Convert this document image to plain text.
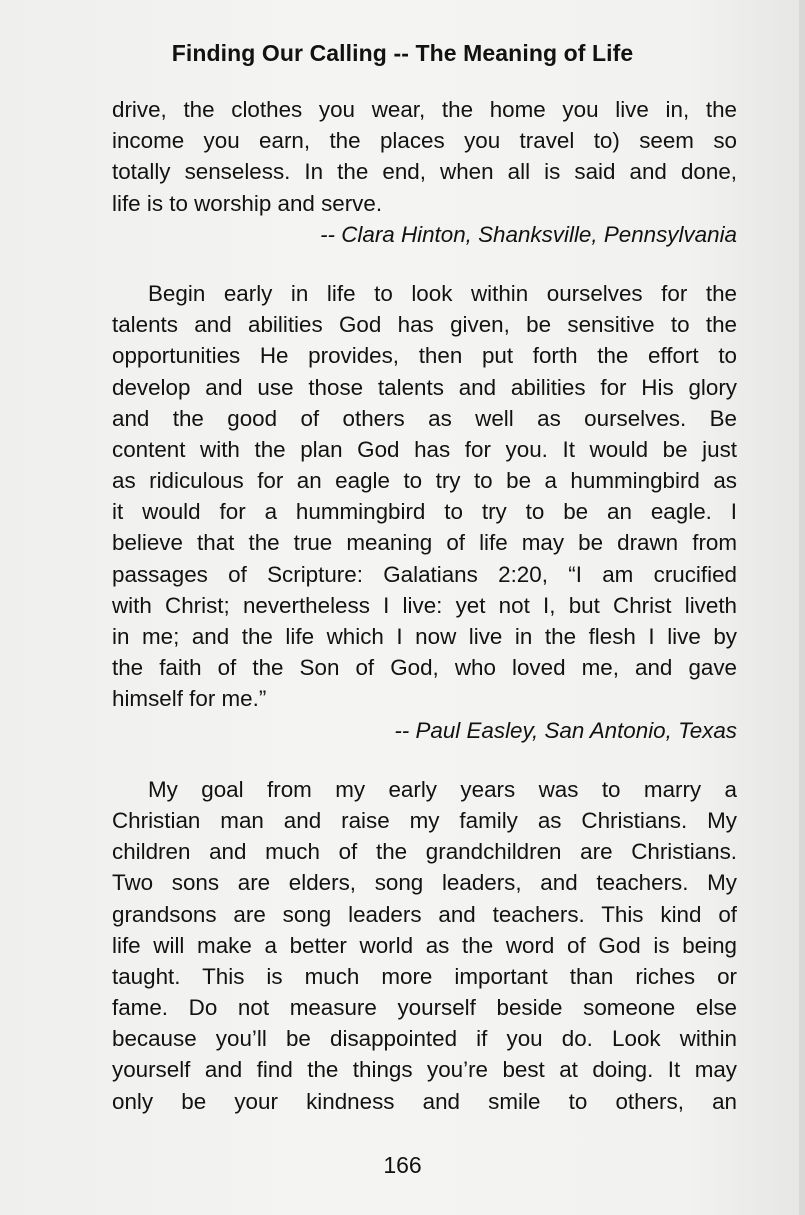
Finding Our Calling -- The Meaning of Life
drive, the clothes you wear, the home you live in, the
income you earn, the places you travel to) seem so
totally senseless. In the end, when all is said and done,
life is to worship and serve.
-- Clara Hinton, Shanksville, Pennsylvania
Begin early in life to look within ourselves for the
talents and abilities God has given, be sensitive to the
opportunities He provides, then put forth the effort to
develop and use those talents and abilities for His glory
and the good of others as well as ourselves. Be
content with the plan God has for you. It would be just
as ridiculous for an eagle to try to be a hummingbird as
it would for a hummingbird to try to be an eagle. I
believe that the true meaning of life may be drawn from
passages of Scripture: Galatians 2:20, “I am crucified
with Christ; nevertheless I live: yet not I, but Christ liveth
in me; and the life which I now live in the flesh I live by
the faith of the Son of God, who loved me, and gave
himself for me.”
-- Paul Easley, San Antonio, Texas
My goal from my early years was to marry a
Christian man and raise my family as Christians. My
children and much of the grandchildren are Christians.
Two sons are elders, song leaders, and teachers. My
grandsons are song leaders and teachers. This kind of
life will make a better world as the word of God is being
taught. This is much more important than riches or
fame. Do not measure yourself beside someone else
because you’ll be disappointed if you do. Look within
yourself and find the things you’re best at doing. It may
only be your kindness and smile to others, an
166
